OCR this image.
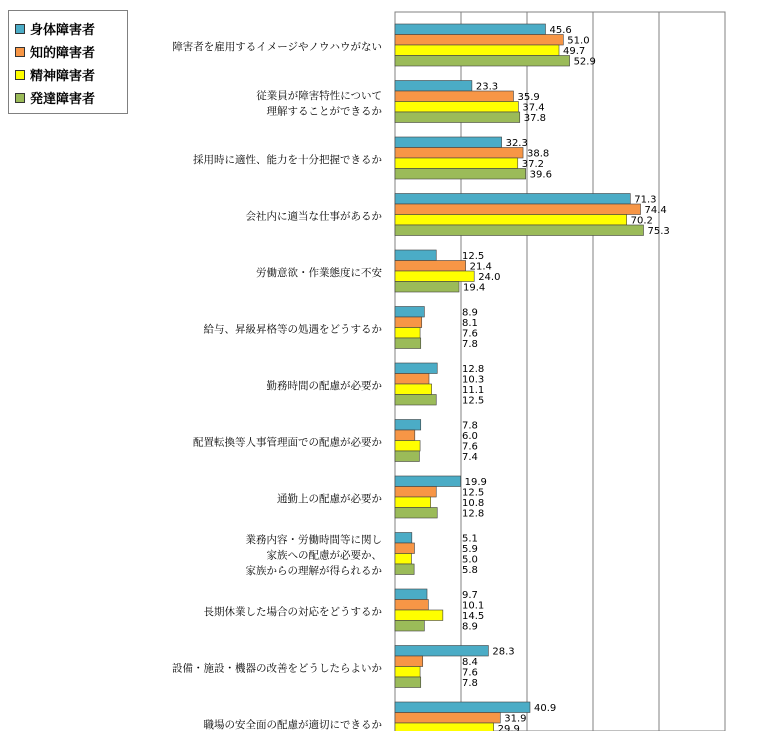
障害者を雇用するイメージやノウハウがない
従業員が障害特性について
理解することができるか
採用時に適性、能力を十分把握できるか
会社内に適当な仕事があるか
労働意欲・作業態度に不安
給与、昇級昇格等の処遇をどうするか
勤務時間の配慮が必要か
配置転換等人事管理面での配慮が必要か
通勤上の配慮が必要か
業務内容・労働時間等に関し
家族への配慮が必要か、
家族からの理解が得られるか
長期休業した場合の対応をどうするか
設備・施設・機器の改善をどうしたらよいか
職場の安全面の配慮が適切にできるか
45.6
51.0
49.7
52.9
23.3
35.9
37.4
37.8
32.3
38.8
37.2
39.6
71.3
74.4
70.2
75.3
12.5
21.4
24.0
19.4
8.9
8.1
7.6
7.8
12.8
10.3
11.1
12.5
7.8
6.0
7.6
7.4
19.9
12.5
10.8
12.8
5.1
5.9
5.0
5.8
9.7
10.1
14.5
8.9
28.3
8.4
7.6
7.8
40.9
31.9
29.9
身体障害者
知的障害者
精神障害者
発達障害者
